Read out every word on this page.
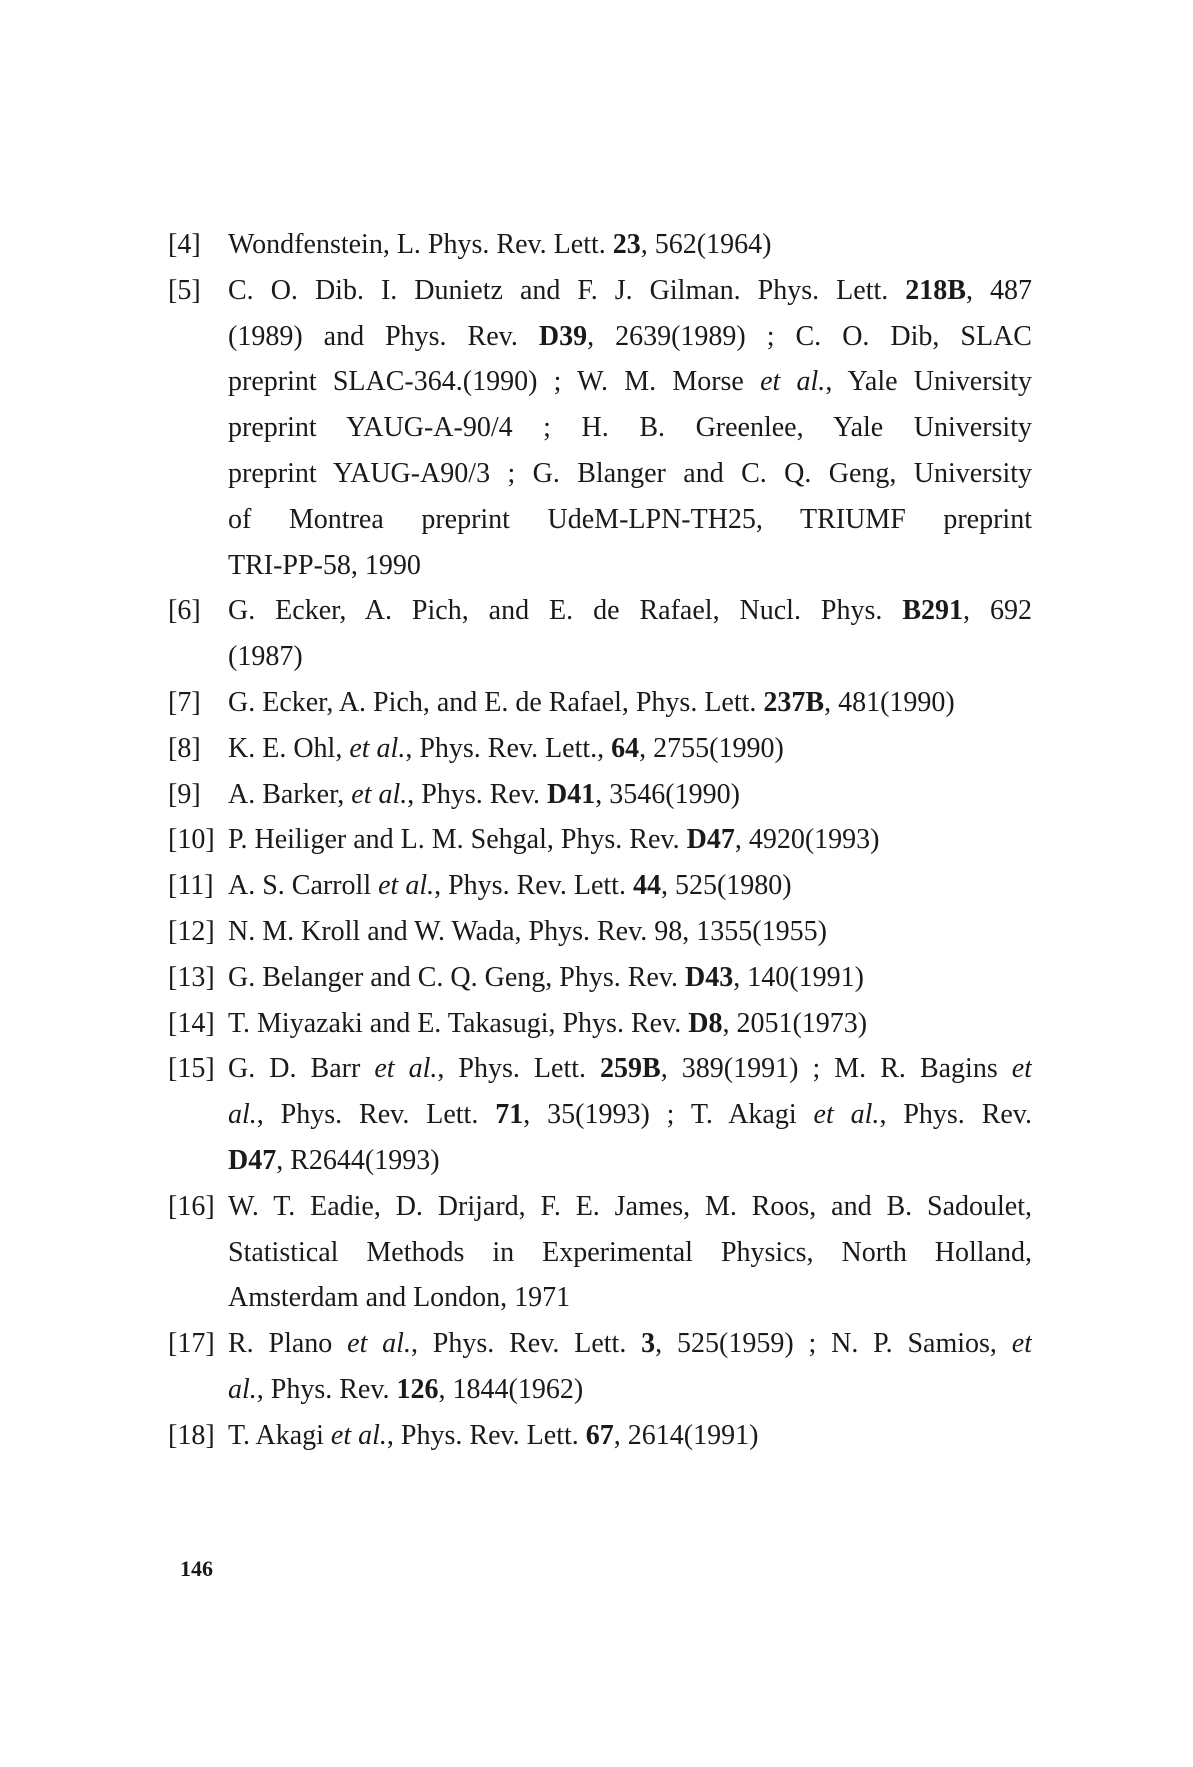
[4] Wondfenstein, L. Phys. Rev. Lett. 23, 562(1964)
[5] C. O. Dib. I. Dunietz and F. J. Gilman. Phys. Lett. 218B, 487
(1989) and Phys. Rev. D39, 2639(1989) ; C. O. Dib, SLAC
preprint SLAC-364.(1990) ; W. M. Morse et al., Yale University
preprint YAUG-A-90/4 ; H. B. Greenlee, Yale University
preprint YAUG-A90/3 ; G. Blanger and C. Q. Geng, University
of Montrea preprint UdeM-LPN-TH25, TRIUMF preprint
TRI-PP-58, 1990
[6] G. Ecker, A. Pich, and E. de Rafael, Nucl. Phys. B291, 692
(1987)
[7] G. Ecker, A. Pich, and E. de Rafael, Phys. Lett. 237B, 481(1990)
[8] K. E. Ohl, et al., Phys. Rev. Lett., 64, 2755(1990)
[9] A. Barker, et al., Phys. Rev. D41, 3546(1990)
[10] P. Heiliger and L. M. Sehgal, Phys. Rev. D47, 4920(1993)
[11] A. S. Carroll et al., Phys. Rev. Lett. 44, 525(1980)
[12] N. M. Kroll and W. Wada, Phys. Rev. 98, 1355(1955)
[13] G. Belanger and C. Q. Geng, Phys. Rev. D43, 140(1991)
[14] T. Miyazaki and E. Takasugi, Phys. Rev. D8, 2051(1973)
[15] G. D. Barr et al., Phys. Lett. 259B, 389(1991) ; M. R. Bagins et
al., Phys. Rev. Lett. 71, 35(1993) ; T. Akagi et al., Phys. Rev.
D47, R2644(1993)
[16] W. T. Eadie, D. Drijard, F. E. James, M. Roos, and B. Sadoulet,
Statistical Methods in Experimental Physics, North Holland,
Amsterdam and London, 1971
[17] R. Plano et al., Phys. Rev. Lett. 3, 525(1959) ; N. P. Samios, et
al., Phys. Rev. 126, 1844(1962)
[18] T. Akagi et al., Phys. Rev. Lett. 67, 2614(1991)
146
